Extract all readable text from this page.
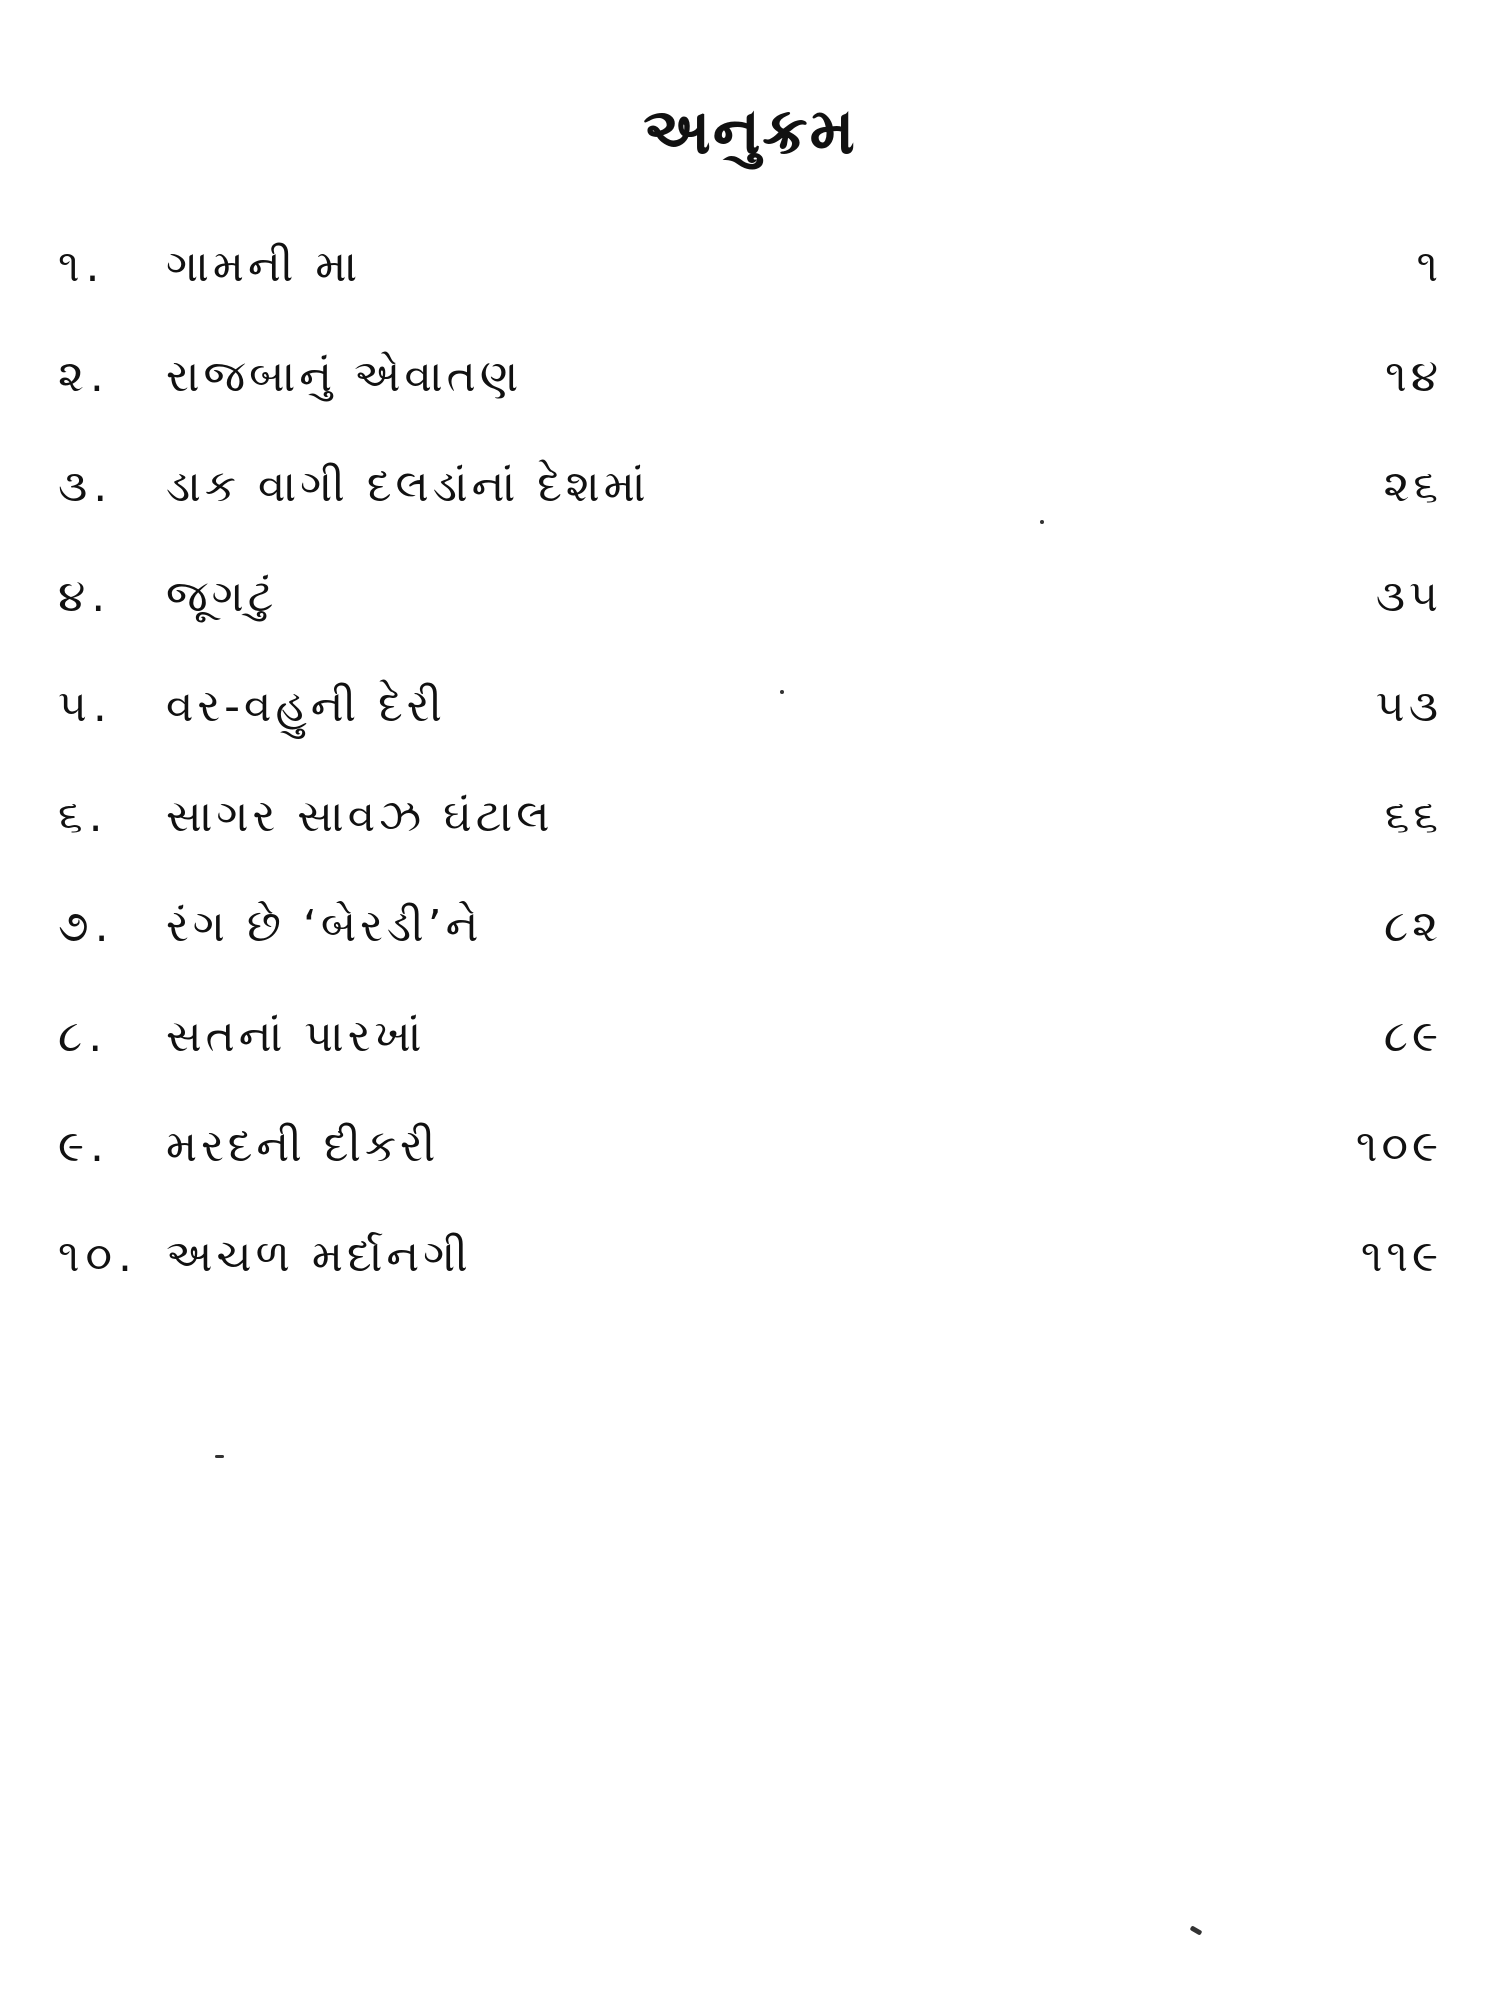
અનુક્રમ
૧. ગામની મા	૧
૨. રાજબાનું એવાતણ	૧૪
૩. ડાક વાગી દલડાંનાં દેશમાં	૨૬
૪. જૂગટું	૩૫
૫. વર-વહુની દેરી	૫૩
૬. સાગર સાવઝ ઘંટાલ	૬૬
૭. રંગ છે ‘બેરડી’ને	૮૨
૮. સતનાં પારખાં	૮૯
૯. મરદની દીકરી	૧૦૯
૧૦. અચળ મર્દાનગી	૧૧૯
